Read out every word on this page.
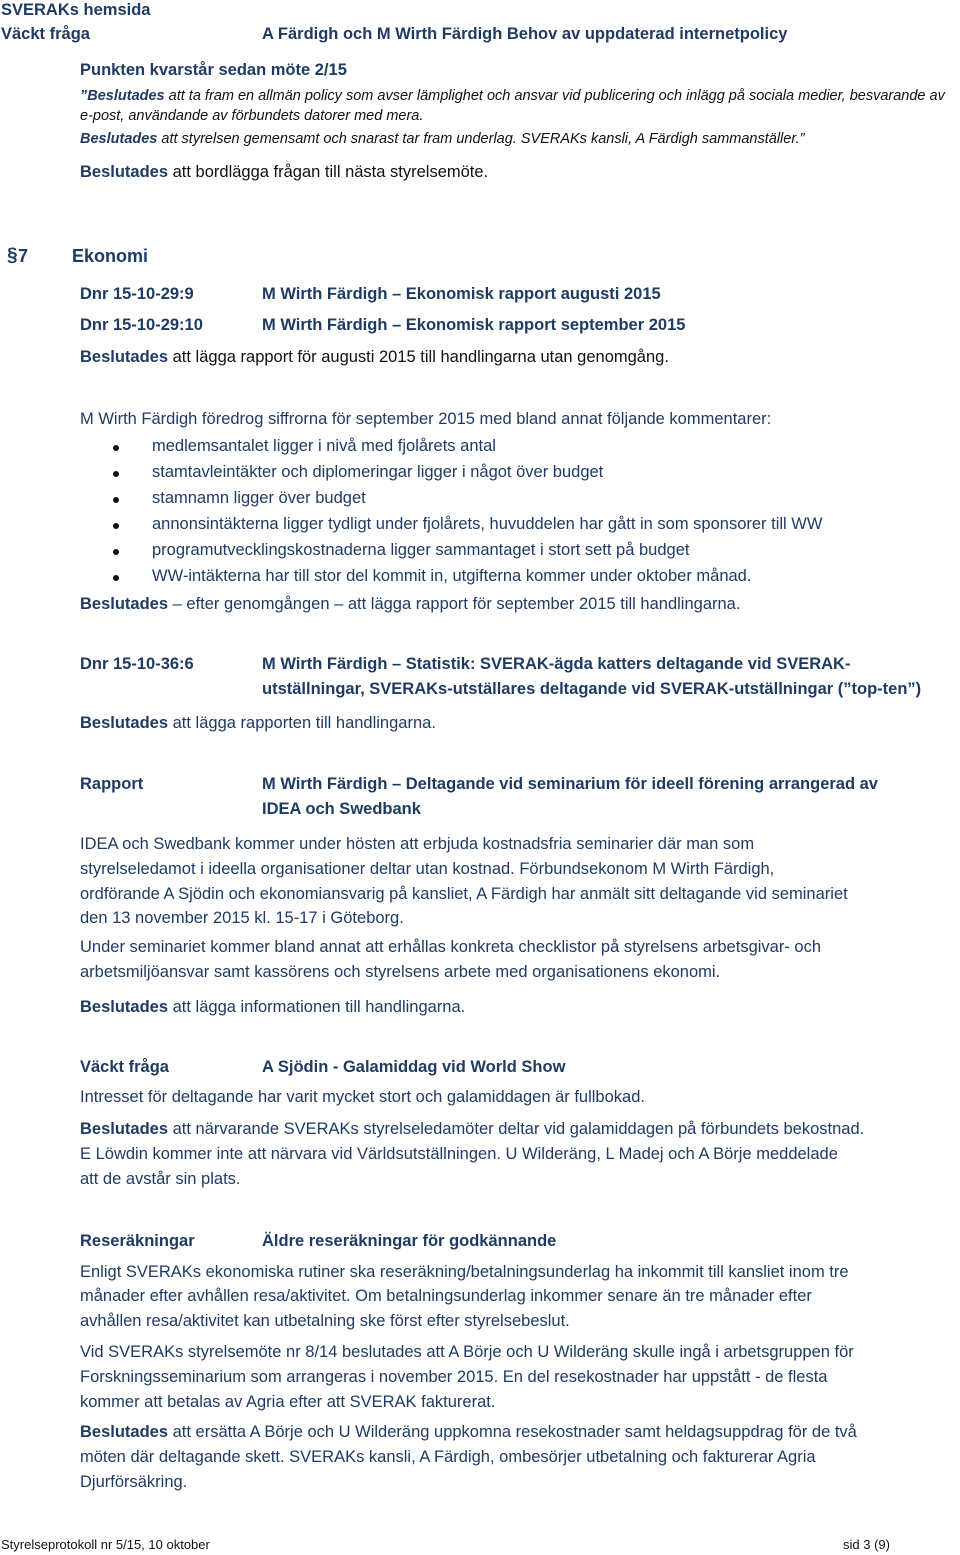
SVERAKs hemsida
Väckt fråga	A Färdigh och M Wirth Färdigh Behov av uppdaterad internetpolicy
Punkten kvarstår sedan möte 2/15
”Beslutades att ta fram en allmän policy som avser lämplighet och ansvar vid publicering och inlägg på sociala medier, besvarande av
e-post, användande av förbundets datorer med mera.
Beslutades att styrelsen gemensamt och snarast tar fram underlag. SVERAKs kansli, A Färdigh sammanställer.”
Beslutades att bordlägga frågan till nästa styrelsemöte.
§ 7 Ekonomi
Dnr 15-10-29:9	M Wirth Färdigh – Ekonomisk rapport augusti 2015
Dnr 15-10-29:10	M Wirth Färdigh – Ekonomisk rapport september 2015
Beslutades att lägga rapport för augusti 2015 till handlingarna utan genomgång.
M Wirth Färdigh föredrog siffrorna för september 2015 med bland annat följande kommentarer:
medlemsantalet ligger i nivå med fjolårets antal
stamtavleintäkter och diplomeringar ligger i något över budget
stamnamn ligger över budget
annonsintäkterna ligger tydligt under fjolårets, huvuddelen har gått in som sponsorer till WW
programutvecklingskostnaderna ligger sammantaget i stort sett på budget
WW-intäkterna har till stor del kommit in, utgifterna kommer under oktober månad.
Beslutades – efter genomgången – att lägga rapport för september 2015 till handlingarna.
Dnr 15-10-36:6	M Wirth Färdigh – Statistik: SVERAK-ägda katters deltagande vid SVERAK-
utställningar, SVERAKs-utställares deltagande vid SVERAK-utställningar (”top-ten”)
Beslutades att lägga rapporten till handlingarna.
Rapport	M Wirth Färdigh – Deltagande vid seminarium för ideell förening arrangerad av
IDEA och Swedbank
IDEA och Swedbank kommer under hösten att erbjuda kostnadsfria seminarier där man som
styrelseledamot i ideella organisationer deltar utan kostnad. Förbundsekonom M Wirth Färdigh,
ordförande A Sjödin och ekonomiansvarig på kansliet, A Färdigh har anmält sitt deltagande vid seminariet
den 13 november 2015 kl. 15-17 i Göteborg.
Under seminariet kommer bland annat att erhållas konkreta checklistor på styrelsens arbetsgivar- och
arbetsmiljöansvar samt kassörens och styrelsens arbete med organisationens ekonomi.
Beslutades att lägga informationen till handlingarna.
Väckt fråga	A Sjödin - Galamiddag vid World Show
Intresset för deltagande har varit mycket stort och galamiddagen är fullbokad.
Beslutades att närvarande SVERAKs styrelseledamöter deltar vid galamiddagen på förbundets bekostnad.
E Löwdin kommer inte att närvara vid Världsutställningen. U Wilderäng, L Madej och A Börje meddelade
att de avstår sin plats.
Reseräkningar	Äldre reseräkningar för godkännande
Enligt SVERAKs ekonomiska rutiner ska reseräkning/betalningsunderlag ha inkommit till kansliet inom tre
månader efter avhållen resa/aktivitet. Om betalningsunderlag inkommer senare än tre månader efter
avhållen resa/aktivitet kan utbetalning ske först efter styrelsebeslut.
Vid SVERAKs styrelsemöte nr 8/14 beslutades att A Börje och U Wilderäng skulle ingå i arbetsgruppen för
Forskningsseminarium som arrangeras i november 2015. En del resekostnader har uppstått - de flesta
kommer att betalas av Agria efter att SVERAK fakturerat.
Beslutades att ersätta A Börje och U Wilderäng uppkomna resekostnader samt heldagsuppdrag för de två
möten där deltagande skett. SVERAKs kansli, A Färdigh, ombesörjer utbetalning och fakturerar Agria
Djurförsäkring.
Styrelseprotokoll nr 5/15, 10 oktober	sid 3 (9)
